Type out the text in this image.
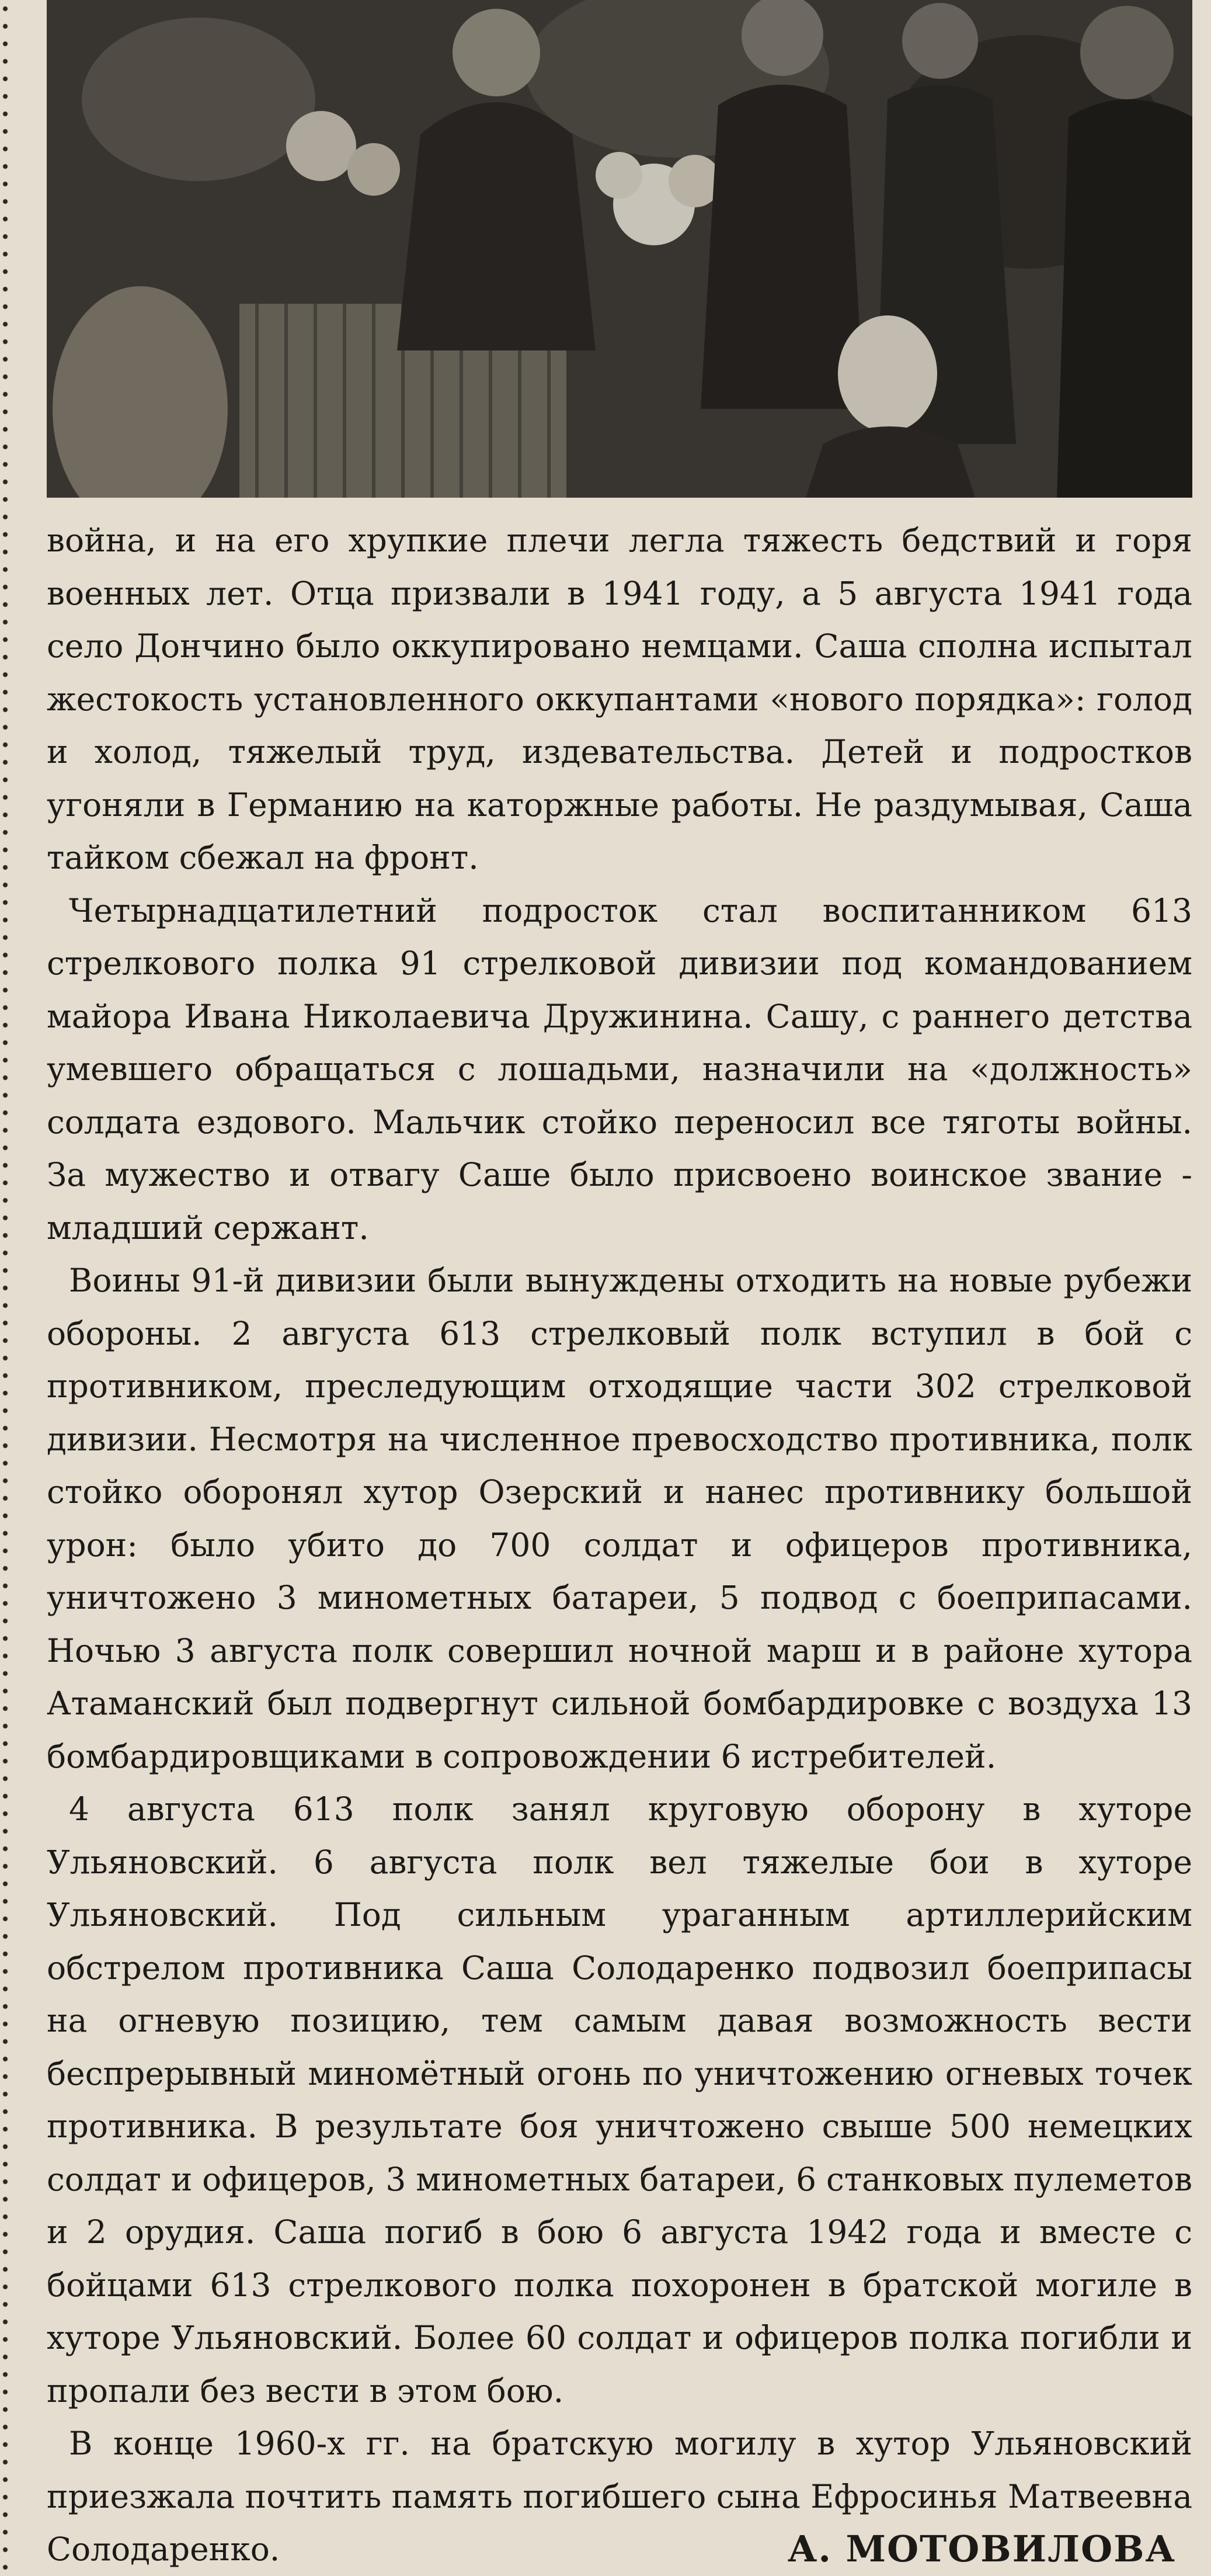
война, и на его хрупкие плечи легла тяжесть бедствий и горя военных лет. Отца призвали в 1941 году, а 5 августа 1941 года село Дончино было оккупировано немцами. Саша сполна испытал жестокость установленного оккупантами «нового порядка»: голод и холод, тяжелый труд, издевательства. Детей и подростков угоняли в Германию на каторжные работы. Не раздумывая, Саша тайком сбежал на фронт.

Четырнадцатилетний подросток стал воспитанником 613 стрелкового полка 91 стрелковой дивизии под командованием майора Ивана Николаевича Дружинина. Сашу, с раннего детства умевшего обращаться с лошадьми, назначили на «должность» солдата ездового. Мальчик стойко переносил все тяготы войны. За мужество и отвагу Саше было присвоено воинское звание - младший сержант.

Воины 91-й дивизии были вынуждены отходить на новые рубежи обороны. 2 августа 613 стрелковый полк вступил в бой с противником, преследующим отходящие части 302 стрелковой дивизии. Несмотря на численное превосходство противника, полк стойко оборонял хутор Озерский и нанес противнику большой урон: было убито до 700 солдат и офицеров противника, уничтожено 3 минометных батареи, 5 подвод с боеприпасами. Ночью 3 августа полк совершил ночной марш и в районе хутора Атаманский был подвергнут сильной бомбардировке с воздуха 13 бомбардировщиками в сопровождении 6 истребителей.

4 августа 613 полк занял круговую оборону в хуторе Ульяновский. 6 августа полк вел тяжелые бои в хуторе Ульяновский. Под сильным ураганным артиллерийским обстрелом противника Саша Солодаренко подвозил боеприпасы на огневую позицию, тем самым давая возможность вести беспрерывный минoмётный огонь по уничтожению огневых точек противника. В результате боя уничтожено свыше 500 немецких солдат и офицеров, 3 минометных батареи, 6 станковых пулеметов и 2 орудия. Саша погиб в бою 6 августа 1942 года и вместе с бойцами 613 стрелкового полка похоронен в братской могиле в хуторе Ульяновский. Более 60 солдат и офицеров полка погибли и пропали без вести в этом бою.

В конце 1960-х гг. на братскую могилу в хутор Ульяновский приезжала почтить память погибшего сына Ефросинья Матвеевна Солодаренко.	А. МОТОВИЛОВА
